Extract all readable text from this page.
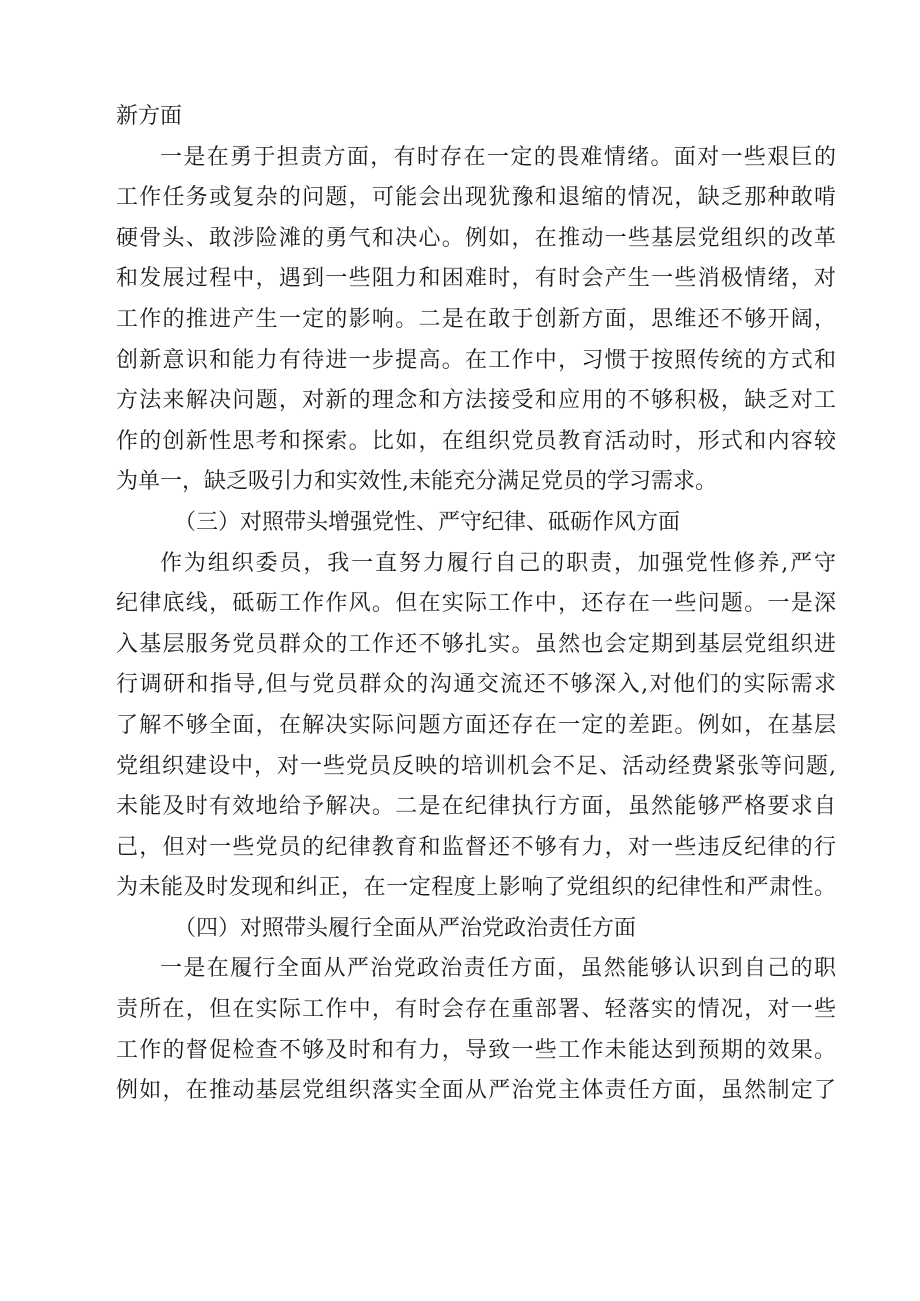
新方面
一是在勇于担责方面，有时存在一定的畏难情绪。面对一些艰巨的
工作任务或复杂的问题，可能会出现犹豫和退缩的情况，缺乏那种敢啃
硬骨头、敢涉险滩的勇气和决心。例如，在推动一些基层党组织的改革
和发展过程中，遇到一些阻力和困难时，有时会产生一些消极情绪，对
工作的推进产生一定的影响。二是在敢于创新方面，思维还不够开阔，
创新意识和能力有待进一步提高。在工作中，习惯于按照传统的方式和
方法来解决问题，对新的理念和方法接受和应用的不够积极，缺乏对工
作的创新性思考和探索。比如，在组织党员教育活动时，形式和内容较
为单一，缺乏吸引力和实效性,未能充分满足党员的学习需求。
（三）对照带头增强党性、严守纪律、砥砺作风方面
作为组织委员，我一直努力履行自己的职责，加强党性修养,严守
纪律底线，砥砺工作作风。但在实际工作中，还存在一些问题。一是深
入基层服务党员群众的工作还不够扎实。虽然也会定期到基层党组织进
行调研和指导,但与党员群众的沟通交流还不够深入,对他们的实际需求
了解不够全面，在解决实际问题方面还存在一定的差距。例如，在基层
党组织建设中，对一些党员反映的培训机会不足、活动经费紧张等问题,
未能及时有效地给予解决。二是在纪律执行方面，虽然能够严格要求自
己，但对一些党员的纪律教育和监督还不够有力，对一些违反纪律的行
为未能及时发现和纠正，在一定程度上影响了党组织的纪律性和严肃性。
（四）对照带头履行全面从严治党政治责任方面
一是在履行全面从严治党政治责任方面，虽然能够认识到自己的职
责所在，但在实际工作中，有时会存在重部署、轻落实的情况，对一些
工作的督促检查不够及时和有力，导致一些工作未能达到预期的效果。
例如，在推动基层党组织落实全面从严治党主体责任方面，虽然制定了
